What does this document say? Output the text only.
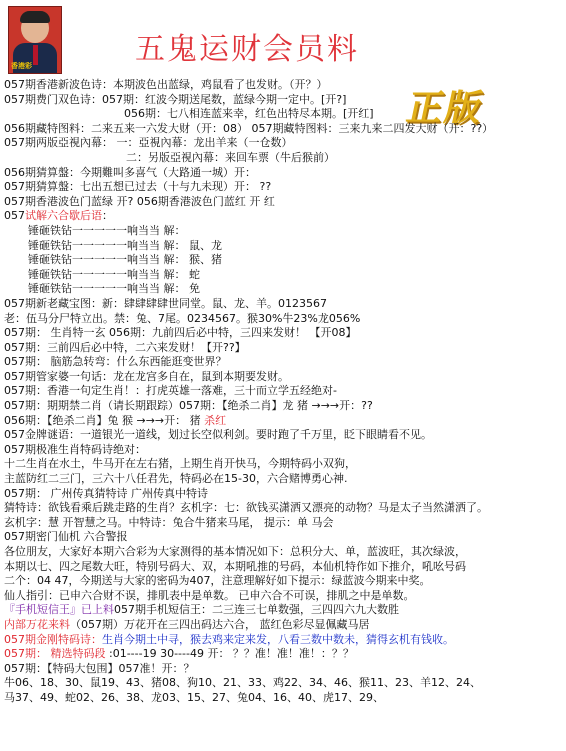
香港彩	五鬼运财会员料
正版
057期香港新波色诗：本期波色出蓝绿，鸡鼠看了也发财。（开？）
057期费门双色诗：057期：红波今期送尾数，蓝绿今期一定中。[开?]
056期：七八相连蓝来幸，红色出特尽本期。[开红]
056期藏特图料：二来五来一六发大财（开：08） 057期藏特图料：三来九来二四发大财（开：??）
057期两版亞視內幕： 一：亞視內幕：龙出羊来（一仓数）
二：另版亞視內幕：来回车票（牛后猴前）
056期猜算盤：今期難叫多喜气（大路通一城）开：
057期猜算盤：七出五想已过去（十与九未现）开： ??
057期香港波色门蓝绿 开? 056期香港波色门蓝红 开 红
057试解六合歇后语：
锤砸铁钻一一一一一响当当 解：
锤砸铁钻一一一一一响当当 解： 鼠、龙
锤砸铁钻一一一一一响当当 解： 猴、猪
锤砸铁钻一一一一一响当当 解： 蛇
锤砸铁钻一一一一一响当当 解： 免
057期新老藏宝图：新：肆肆肆肆世同堂。鼠、龙、羊。0123567
老：伍马分尸特立出。禁：兔、7尾。0234567。猴30%牛23%龙056%
057期： 生肖特一玄 056期：九前四后必中特，三四来发财！ 【开08】
057期：三前四后必中特，二六来发财！【开??】
057期： 脑筋急转弯：什么东西能逛变世界？
057期管家婆一句话：龙在龙宫多自在，鼠到本期要发财。
057期：香港一句定生肖！：打虎英雄一落难，三十而立学五经绝对-
057期：期期禁二肖（请长期跟踪）057期：【绝杀二肖】龙 猪 →→→开：??
056期：【绝杀二肖】兔 猴 →→→开： 猪 杀红
057金牌谜语：一道银光一道线，划过长空似利剑。要时跑了千万里，眨下眼睛看不见。
057期极准生肖特码诗绝对：
十二生肖在水土，牛马开在左右猪，上期生肖开快马，今期特码小双狗，
主蓝防红二三门，三六十八任君先，特码必在15-30，六合赌博勇心神.
057期： 广州传真猜特诗 广州传真中特诗
猜特诗：欲钱看乘后跳走路的生肖？玄机字：七：欲钱买潇洒又漂亮的动物？马是太子当然潇洒了。
玄机字：慧 开智慧之马。中特诗：兔合牛猪来马尾， 提示：单 马会
057期密门仙机 六合警报
各位朋友，大家好本期六合彩为大家测得的基本情况如下：总积分大、单，蓝波旺，其次绿波，
本期以七、四之尾数大旺，特别号码大、双，本期吼推的号码，本仙机特作如下推介，吼吆号码
二个：04 47，今期送与大家的密码为407，注意理解好如下提示：绿蓝波今期来中奖。
仙人指引：已申六合财不误，排肌表中是单数。 已申六合不可误，排肌之中是单数。
『手机短信王』已上料057期手机短信王：二三连三七单数强，三四四六九大数胜
内部万花来料（057期）万花开在三四出码达六合， 蓝红色彩尽显佩藏马居
057期金刚特码诗：生肖今期土中寻，猴去鸡来定来发，八看三数中数未，猜得玄机有钱收。
057期： 精选特码段 :01----19 30----49 开： ？？准！准！准！：？？
057期：【特码大包围】057准！开：？
牛06、18、30、鼠19、43、猪08、狗10、21、33、鸡22、34、46、猴11、23、羊12、24、
马37、49、蛇02、26、38、龙03、15、27、兔04、16、40、虎17、29、
